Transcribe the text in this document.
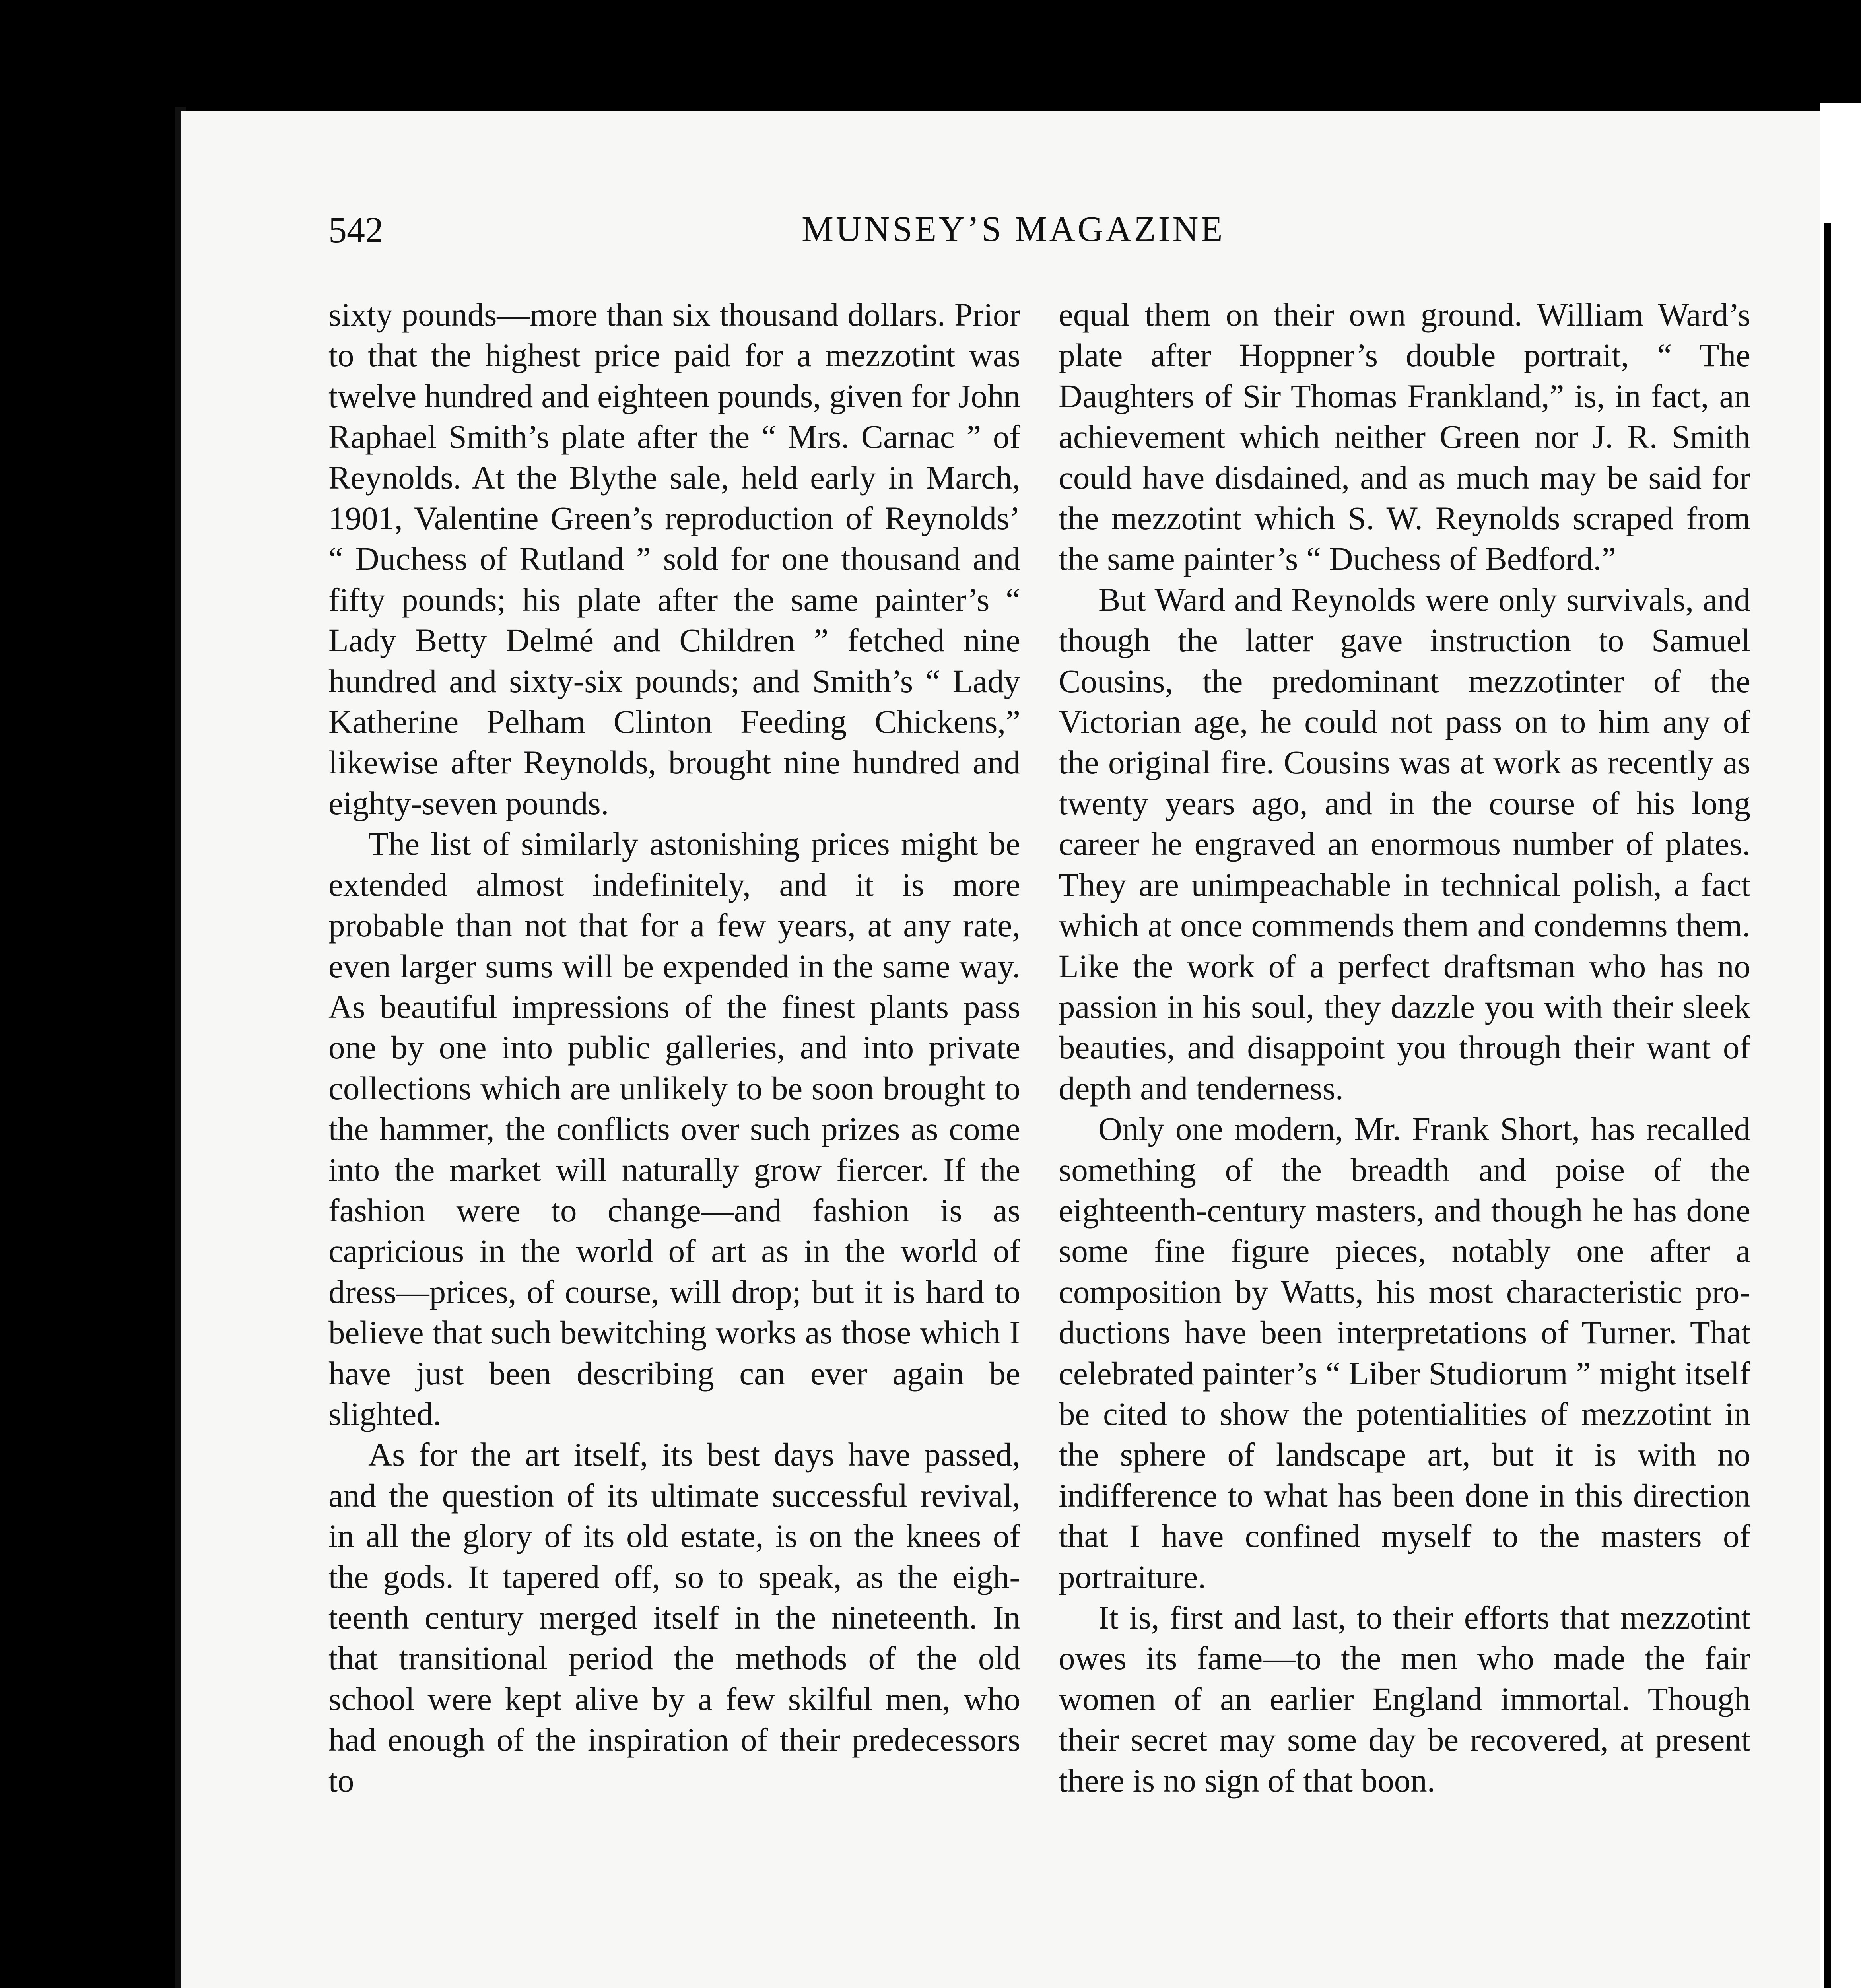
542	MUNSEY’S MAGAZINE

sixty pounds—more than six thousand dollars. Prior to that the highest price paid for a mezzotint was twelve hundred and eighteen pounds, given for John Raphael Smith’s plate after the “ Mrs. Carnac ” of Reynolds. At the Blythe sale, held early in March, 1901, Valentine Green’s reproduction of Reynolds’ “ Duchess of Rutland ” sold for one thousand and fifty pounds; his plate after the same painter’s “ Lady Betty Delmé and Children ” fetched nine hundred and sixty-six pounds; and Smith’s “ Lady Katherine Pelham Clinton Feeding Chickens,” likewise after Reynolds, brought nine hundred and eighty-seven pounds.

The list of similarly astonishing prices might be extended almost indefinitely, and it is more probable than not that for a few years, at any rate, even larger sums will be expended in the same way. As beautiful impressions of the finest plants pass one by one into public galleries, and into private collections which are unlikely to be soon brought to the hammer, the conflicts over such prizes as come into the market will naturally grow fiercer. If the fashion were to change—and fashion is as capricious in the world of art as in the world of dress—prices, of course, will drop; but it is hard to believe that such bewitching works as those which I have just been describing can ever again be slighted.

As for the art itself, its best days have passed, and the question of its ultimate successful revival, in all the glory of its old estate, is on the knees of the gods. It tapered off, so to speak, as the eighteenth century merged itself in the nineteenth. In that transitional period the methods of the old school were kept alive by a few skilful men, who had enough of the inspiration of their predecessors to

equal them on their own ground. William Ward’s plate after Hoppner’s double portrait, “ The Daughters of Sir Thomas Frankland,” is, in fact, an achievement which neither Green nor J. R. Smith could have disdained, and as much may be said for the mezzotint which S. W. Reynolds scraped from the same painter’s “ Duchess of Bedford.”

But Ward and Reynolds were only survivals, and though the latter gave instruction to Samuel Cousins, the predominant mezzotinter of the Victorian age, he could not pass on to him any of the original fire. Cousins was at work as recently as twenty years ago, and in the course of his long career he engraved an enormous number of plates. They are unimpeachable in technical polish, a fact which at once commends them and condemns them. Like the work of a perfect draftsman who has no passion in his soul, they dazzle you with their sleek beauties, and disappoint you through their want of depth and tenderness.

Only one modern, Mr. Frank Short, has recalled something of the breadth and poise of the eighteenth-century masters, and though he has done some fine figure pieces, notably one after a composition by Watts, his most characteristic productions have been interpretations of Turner. That celebrated painter’s “ Liber Studiorum ” might itself be cited to show the potentialities of mezzotint in the sphere of landscape art, but it is with no indifference to what has been done in this direction that I have confined myself to the masters of portraiture.

It is, first and last, to their efforts that mezzotint owes its fame—to the men who made the fair women of an earlier England immortal. Though their secret may some day be recovered, at present there is no sign of that boon.
